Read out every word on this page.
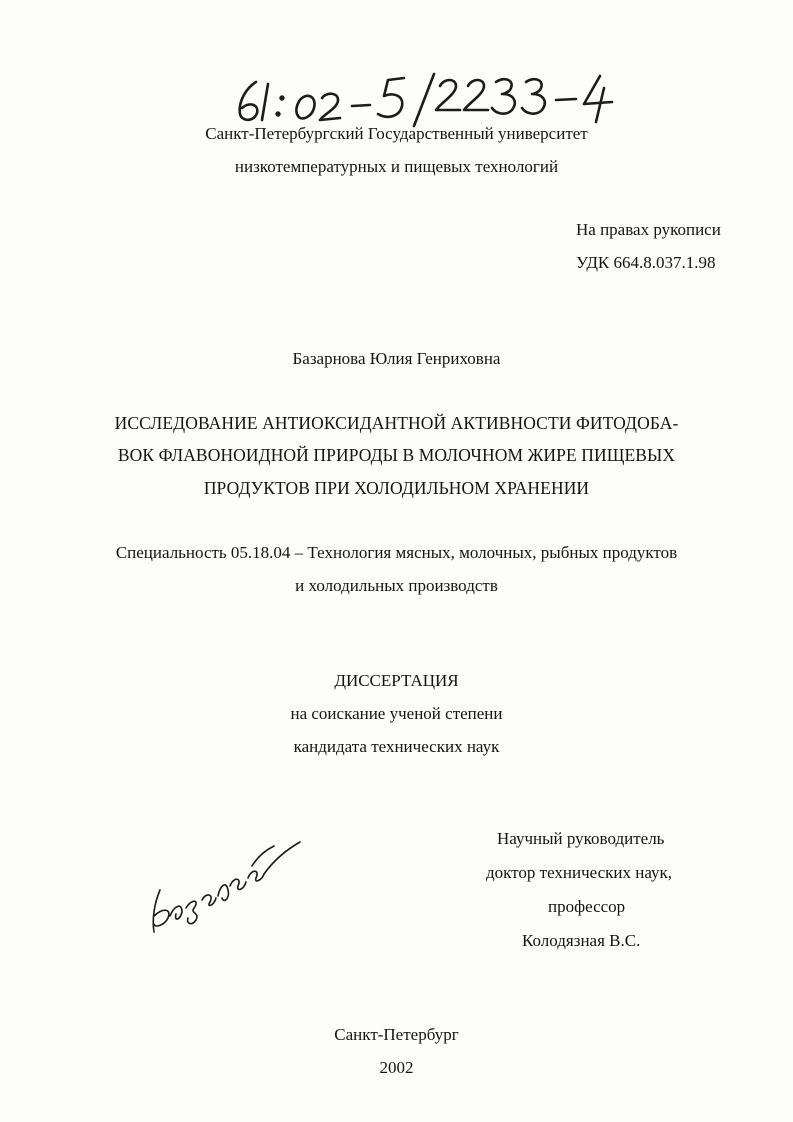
Санкт-Петербургский Государственный университет
низкотемпературных и пищевых технологий
На правах рукописи
УДК 664.8.037.1.98
Базарнова Юлия Генриховна
ИССЛЕДОВАНИЕ АНТИОКСИДАНТНОЙ АКТИВНОСТИ ФИТОДОБА-
ВОК ФЛАВОНОИДНОЙ ПРИРОДЫ В МОЛОЧНОМ ЖИРЕ ПИЩЕВЫХ
ПРОДУКТОВ ПРИ ХОЛОДИЛЬНОМ ХРАНЕНИИ
Специальность 05.18.04 – Технология мясных, молочных, рыбных продуктов
и холодильных производств
ДИССЕРТАЦИЯ
на соискание ученой степени
кандидата технических наук
Научный руководитель
доктор технических наук,
профессор
Колодязная В.С.
Санкт-Петербург
2002
